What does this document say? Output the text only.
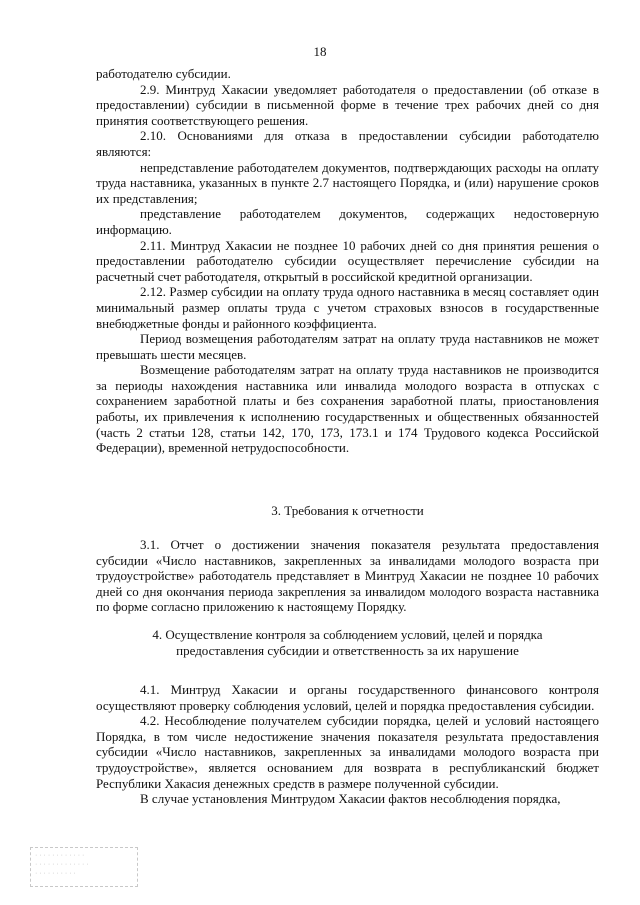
18

работодателю субсидии.

2.9. Минтруд Хакасии уведомляет работодателя о предоставлении (об отказе в предоставлении) субсидии в письменной форме в течение трех рабочих дней со дня принятия соответствующего решения.

2.10. Основаниями для отказа в предоставлении субсидии работодателю являются:

непредставление работодателем документов, подтверждающих расходы на оплату труда наставника, указанных в пункте 2.7 настоящего Порядка, и (или) нарушение сроков их представления;

представление работодателем документов, содержащих недостоверную информацию.

2.11. Минтруд Хакасии не позднее 10 рабочих дней со дня принятия решения о предоставлении работодателю субсидии осуществляет перечисление субсидии на расчетный счет работодателя, открытый в российской кредитной организации.

2.12. Размер субсидии на оплату труда одного наставника в месяц составляет один минимальный размер оплаты труда с учетом страховых взносов в государственные внебюджетные фонды и районного коэффициента.

Период возмещения работодателям затрат на оплату труда наставников не может превышать шести месяцев.

Возмещение работодателям затрат на оплату труда наставников не производится за периоды нахождения наставника или инвалида молодого возраста в отпусках с сохранением заработной платы и без сохранения заработной платы, приостановления работы, их привлечения к исполнению государственных и общественных обязанностей (часть 2 статьи 128, статьи 142, 170, 173, 173.1 и 174 Трудового кодекса Российской Федерации), временной нетрудоспособности.

3. Требования к отчетности

3.1. Отчет о достижении значения показателя результата предоставления субсидии «Число наставников, закрепленных за инвалидами молодого возраста при трудоустройстве» работодатель представляет в Минтруд Хакасии не позднее 10 рабочих дней со дня окончания периода закрепления за инвалидом молодого возраста наставника по форме согласно приложению к настоящему Порядку.

4. Осуществление контроля за соблюдением условий, целей и порядка
предоставления субсидии и ответственность за их нарушение

4.1. Минтруд Хакасии и органы государственного финансового контроля осуществляют проверку соблюдения условий, целей и порядка предоставления субсидии.

4.2. Несоблюдение получателем субсидии порядка, целей и условий настоящего Порядка, в том числе недостижение значения показателя результата предоставления субсидии «Число наставников, закрепленных за инвалидами молодого возраста при трудоустройстве», является основанием для возврата в республиканский бюджет Республики Хакасия денежных средств в размере полученной субсидии.

В случае установления Минтрудом Хакасии фактов несоблюдения порядка,

· · · · · · · · · · · ·
· · · · · · · · · · · · ·
· · · · · · · · · ·
